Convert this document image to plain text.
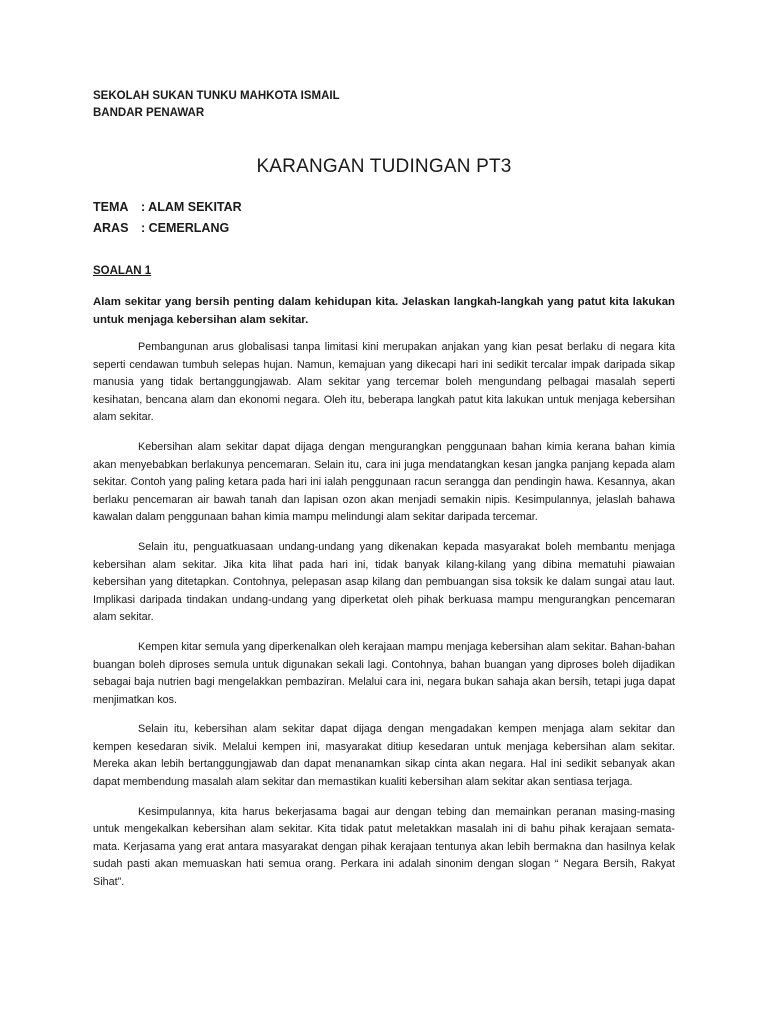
SEKOLAH SUKAN TUNKU MAHKOTA ISMAIL
BANDAR PENAWAR
KARANGAN TUDINGAN PT3
TEMA : ALAM SEKITAR
ARAS : CEMERLANG
SOALAN 1
Alam sekitar yang bersih penting dalam kehidupan kita. Jelaskan langkah-langkah yang patut kita lakukan untuk menjaga kebersihan alam sekitar.

Pembangunan arus globalisasi tanpa limitasi kini merupakan anjakan yang kian pesat berlaku di negara kita seperti cendawan tumbuh selepas hujan. Namun, kemajuan yang dikecapi hari ini sedikit tercalar impak daripada sikap manusia yang tidak bertanggungjawab. Alam sekitar yang tercemar boleh mengundang pelbagai masalah seperti kesihatan, bencana alam dan ekonomi negara. Oleh itu, beberapa langkah patut kita lakukan untuk menjaga kebersihan alam sekitar.

Kebersihan alam sekitar dapat dijaga dengan mengurangkan penggunaan bahan kimia kerana bahan kimia akan menyebabkan berlakunya pencemaran. Selain itu, cara ini juga mendatangkan kesan jangka panjang kepada alam sekitar. Contoh yang paling ketara pada hari ini ialah penggunaan racun serangga dan pendingin hawa. Kesannya, akan berlaku pencemaran air bawah tanah dan lapisan ozon akan menjadi semakin nipis. Kesimpulannya, jelaslah bahawa kawalan dalam penggunaan bahan kimia mampu melindungi alam sekitar daripada tercemar.

Selain itu, penguatkuasaan undang-undang yang dikenakan kepada masyarakat boleh membantu menjaga kebersihan alam sekitar. Jika kita lihat pada hari ini, tidak banyak kilang-kilang yang dibina mematuhi piawaian kebersihan yang ditetapkan. Contohnya, pelepasan asap kilang dan pembuangan sisa toksik ke dalam sungai atau laut. Implikasi daripada tindakan undang-undang yang diperketat oleh pihak berkuasa mampu mengurangkan pencemaran alam sekitar.

Kempen kitar semula yang diperkenalkan oleh kerajaan mampu menjaga kebersihan alam sekitar. Bahan-bahan buangan boleh diproses semula untuk digunakan sekali lagi. Contohnya, bahan buangan yang diproses boleh dijadikan sebagai baja nutrien bagi mengelakkan pembaziran. Melalui cara ini, negara bukan sahaja akan bersih, tetapi juga dapat menjimatkan kos.

Selain itu, kebersihan alam sekitar dapat dijaga dengan mengadakan kempen menjaga alam sekitar dan kempen kesedaran sivik. Melalui kempen ini, masyarakat ditiup kesedaran untuk menjaga kebersihan alam sekitar. Mereka akan lebih bertanggungjawab dan dapat menanamkan sikap cinta akan negara. Hal ini sedikit sebanyak akan dapat membendung masalah alam sekitar dan memastikan kualiti kebersihan alam sekitar akan sentiasa terjaga.

Kesimpulannya, kita harus bekerjasama bagai aur dengan tebing dan memainkan peranan masing-masing untuk mengekalkan kebersihan alam sekitar. Kita tidak patut meletakkan masalah ini di bahu pihak kerajaan semata-mata. Kerjasama yang erat antara masyarakat dengan pihak kerajaan tentunya akan lebih bermakna dan hasilnya kelak sudah pasti akan memuaskan hati semua orang. Perkara ini adalah sinonim dengan slogan “ Negara Bersih, Rakyat Sihat”.
